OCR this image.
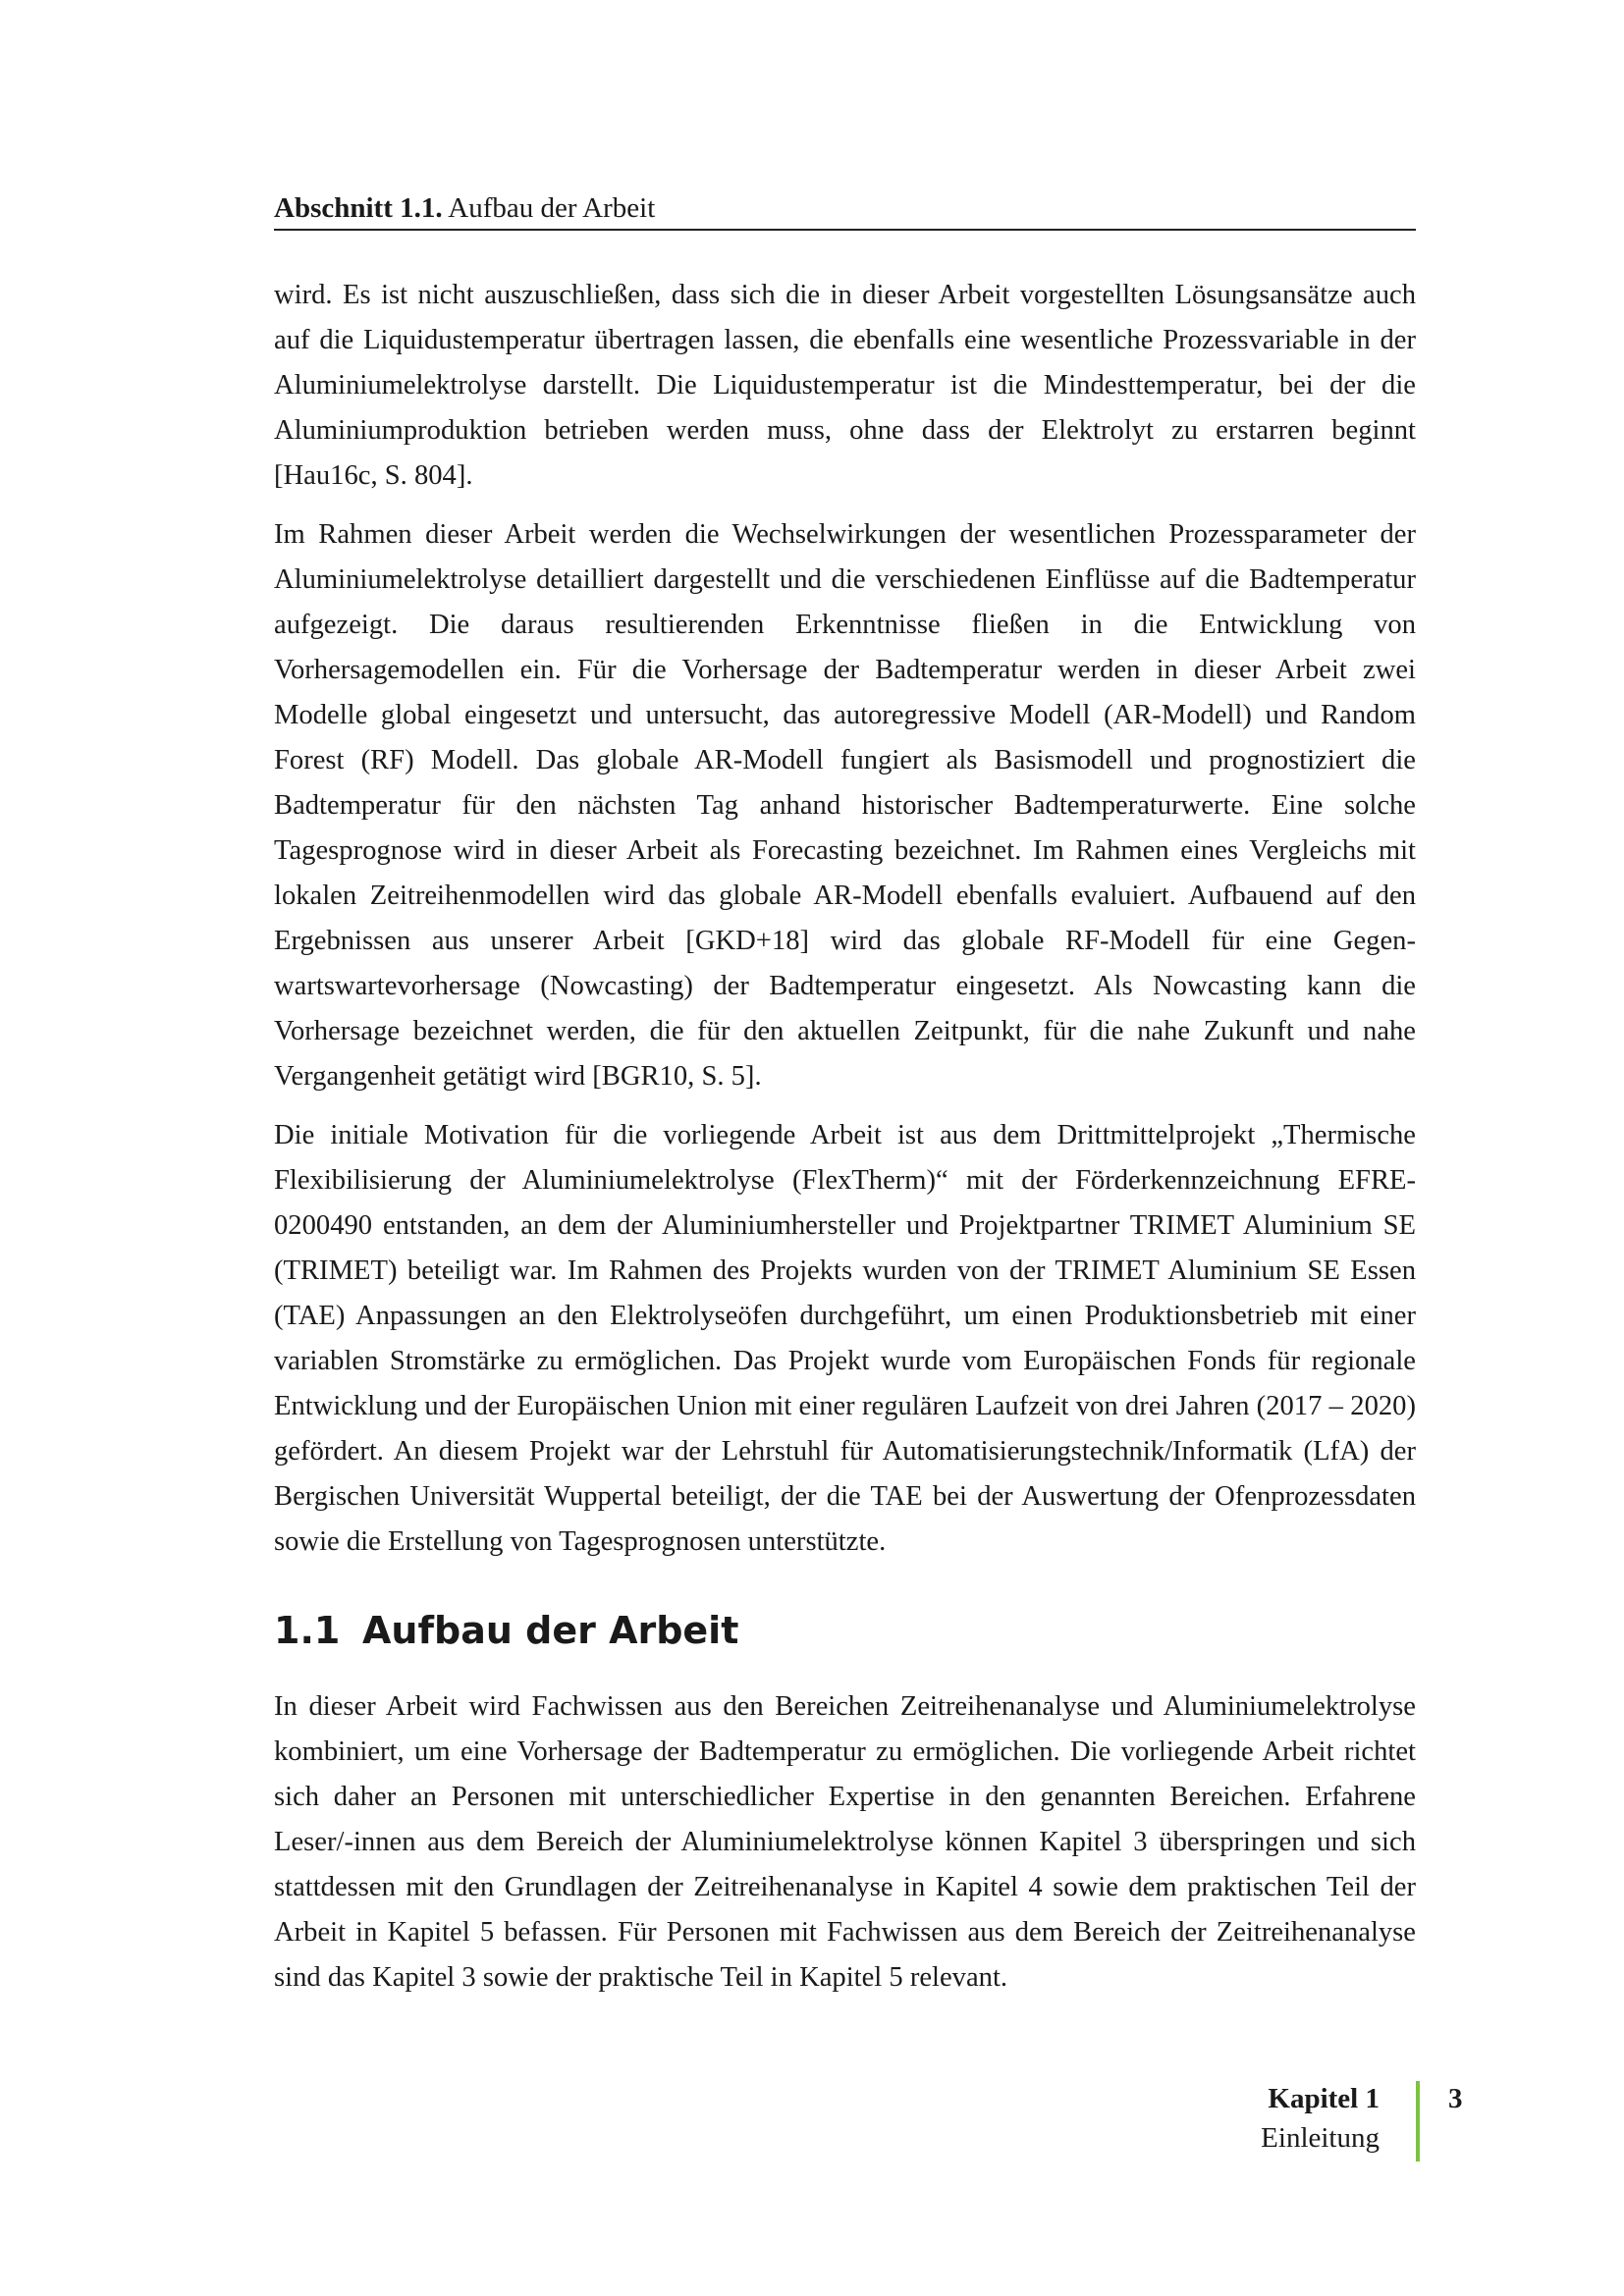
Abschnitt 1.1. Aufbau der Arbeit

wird. Es ist nicht auszuschließen, dass sich die in dieser Arbeit vorgestellten Lösungsansätze auch auf die Liquidustemperatur übertragen lassen, die ebenfalls eine wesentliche Prozessvariable in der Aluminiumelektrolyse darstellt. Die Liquidustemperatur ist die Mindesttemperatur, bei der die Aluminiumproduktion betrieben werden muss, ohne dass der Elektrolyt zu erstarren beginnt [Hau16c, S. 804].

Im Rahmen dieser Arbeit werden die Wechselwirkungen der wesentlichen Prozessparameter der Aluminiumelektrolyse detailliert dargestellt und die verschiedenen Einflüsse auf die Badtemperatur aufgezeigt. Die daraus resultierenden Erkenntnisse fließen in die Entwicklung von Vorhersagemodellen ein. Für die Vorhersage der Badtemperatur werden in dieser Arbeit zwei Modelle global eingesetzt und untersucht, das autoregressive Modell (AR-Modell) und Random Forest (RF) Modell. Das globale AR-Modell fungiert als Basismodell und prognostiziert die Badtemperatur für den nächsten Tag anhand historischer Badtemperaturwerte. Eine solche Tagesprognose wird in dieser Arbeit als Forecasting bezeichnet. Im Rahmen eines Vergleichs mit lokalen Zeitreihenmodellen wird das globale AR-Modell ebenfalls evaluiert. Aufbauend auf den Ergebnissen aus unserer Arbeit [GKD+18] wird das globale RF-Modell für eine Gegenwartswartevorhersage (Nowcasting) der Badtemperatur eingesetzt. Als Nowcasting kann die Vorhersage bezeichnet werden, die für den aktuellen Zeitpunkt, für die nahe Zukunft und nahe Vergangenheit getätigt wird [BGR10, S. 5].

Die initiale Motivation für die vorliegende Arbeit ist aus dem Drittmittelprojekt „Thermische Flexibilisierung der Aluminiumelektrolyse (FlexTherm)“ mit der Förderkennzeichnung EFRE-0200490 entstanden, an dem der Aluminiumhersteller und Projektpartner TRIMET Aluminium SE (TRIMET) beteiligt war. Im Rahmen des Projekts wurden von der TRIMET Aluminium SE Essen (TAE) Anpassungen an den Elektrolyseöfen durchgeführt, um einen Produktionsbetrieb mit einer variablen Stromstärke zu ermöglichen. Das Projekt wurde vom Europäischen Fonds für regionale Entwicklung und der Europäischen Union mit einer regulären Laufzeit von drei Jahren (2017 – 2020) gefördert. An diesem Projekt war der Lehrstuhl für Automatisierungstechnik/Informatik (LfA) der Bergischen Universität Wuppertal beteiligt, der die TAE bei der Auswertung der Ofenprozessdaten sowie die Erstellung von Tagesprognosen unterstützte.

1.1 Aufbau der Arbeit

In dieser Arbeit wird Fachwissen aus den Bereichen Zeitreihenanalyse und Aluminiumelektrolyse kombiniert, um eine Vorhersage der Badtemperatur zu ermöglichen. Die vorliegende Arbeit richtet sich daher an Personen mit unterschiedlicher Expertise in den genannten Bereichen. Erfahrene Leser/-innen aus dem Bereich der Aluminiumelektrolyse können Kapitel 3 überspringen und sich stattdessen mit den Grundlagen der Zeitreihenanalyse in Kapitel 4 sowie dem praktischen Teil der Arbeit in Kapitel 5 befassen. Für Personen mit Fachwissen aus dem Bereich der Zeitreihenanalyse sind das Kapitel 3 sowie der praktische Teil in Kapitel 5 relevant.

Kapitel 1
Einleitung
3
